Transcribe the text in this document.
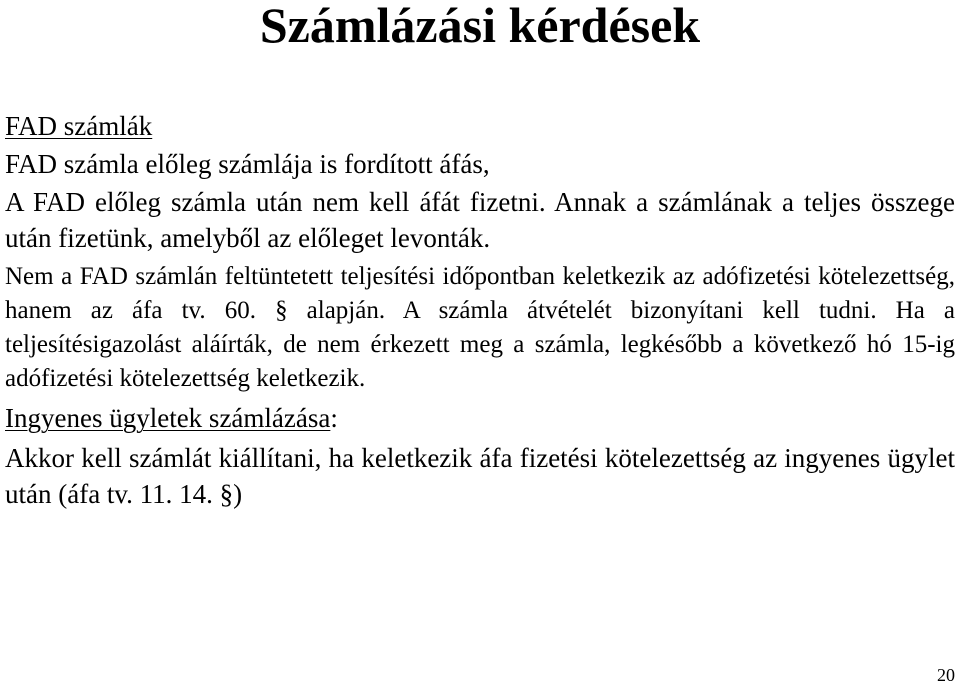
Számlázási kérdések

FAD számlák

FAD számla előleg számlája is fordított áfás,

A FAD előleg számla után nem kell áfát fizetni. Annak a számlának a teljes összege után fizetünk, amelyből az előleget levonták.

Nem a FAD számlán feltüntetett teljesítési időpontban keletkezik az adófizetési kötelezettség, hanem az áfa tv. 60. § alapján. A számla átvételét bizonyítani kell tudni. Ha a teljesítésigazolást aláírták, de nem érkezett meg a számla, legkésőbb a következő hó 15-ig adófizetési kötelezettség keletkezik.

Ingyenes ügyletek számlázása:

Akkor kell számlát kiállítani, ha keletkezik áfa fizetési kötelezettség az ingyenes ügylet után (áfa tv. 11. 14. §)

20
